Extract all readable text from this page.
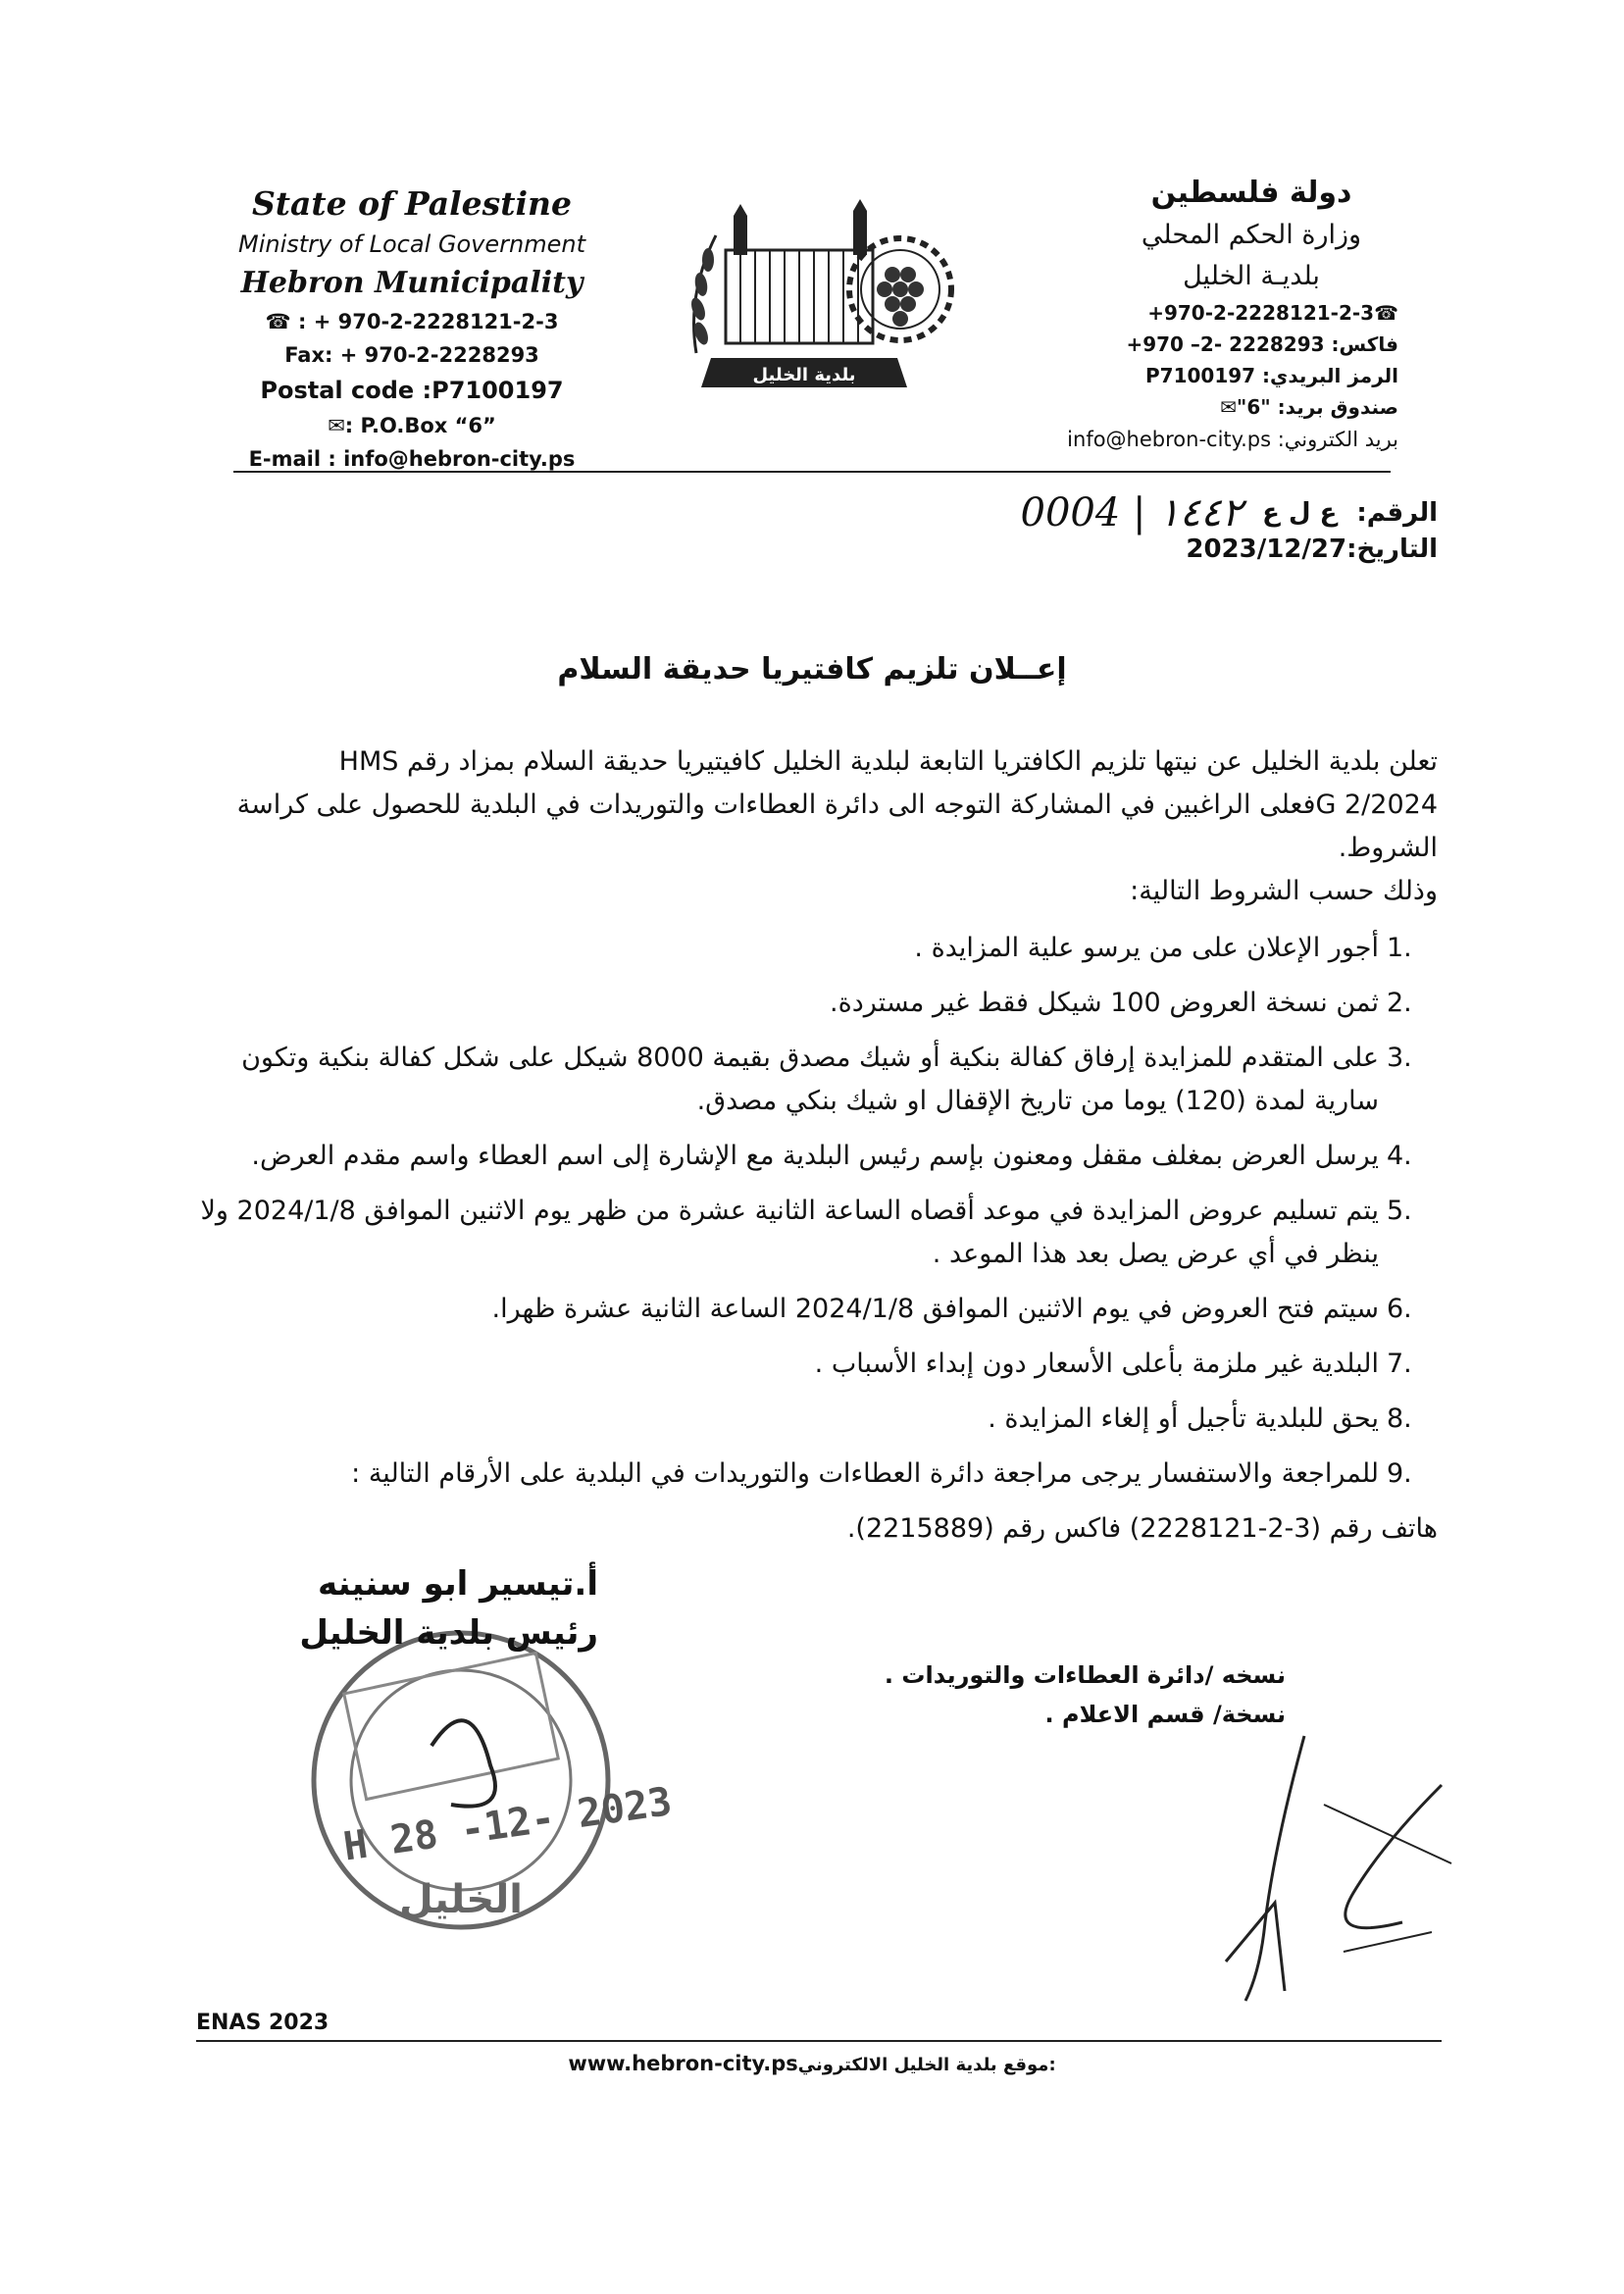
State of Palestine
Ministry of Local Government
Hebron Municipality
☎ : + 970-2-2228121-2-3
Fax: + 970-2-2228293
Postal code :P7100197
✉: P.O.Box “6”
E-mail : info@hebron-city.ps
بلدية الخليل
دولة فلسطين
وزارة الحكم المحلي
بلديـة الخليل
+970-2-2228121-2-3☎
فاكس: 2228293 -2– 970+
الرمز البريدي: P7100197
صندوق بريد: "6"✉
بريد الكتروني: info@hebron-city.ps
الرقم:
ع ل ع
0004 | ١٤٤٢
التاريخ:2023/12/27
إعــلان تلزيم كافتيريا حديقة السلام

تعلن بلدية الخليل عن نيتها تلزيم الكافتريا التابعة لبلدية الخليل كافيتيريا حديقة السلام بمزاد رقم HMS

G 2/2024فعلى الراغبين في المشاركة التوجه الى دائرة العطاءات والتوريدات في البلدية للحصول على كراسة

الشروط.

وذلك حسب الشروط التالية:

1.
أجور الإعلان على من يرسو علية المزايدة .
2.
ثمن نسخة العروض 100 شيكل فقط غير مستردة.
3.
على المتقدم للمزايدة إرفاق كفالة بنكية أو شيك مصدق بقيمة 8000 شيكل على شكل كفالة بنكية وتكون سارية لمدة (120) يوما من تاريخ الإقفال او شيك بنكي مصدق.
4.
يرسل العرض بمغلف مقفل ومعنون بإسم رئيس البلدية مع الإشارة إلى اسم العطاء واسم مقدم العرض.
5.
يتم تسليم عروض المزايدة في موعد أقصاه الساعة الثانية عشرة من ظهر يوم الاثنين الموافق 2024/1/8 ولا ينظر في أي عرض يصل بعد هذا الموعد .
6.
سيتم فتح العروض في يوم الاثنين الموافق 2024/1/8 الساعة الثانية عشرة ظهرا.
7.
البلدية غير ملزمة بأعلى الأسعار دون إبداء الأسباب .
8.
يحق للبلدية تأجيل أو إلغاء المزايدة .
9.
للمراجعة والاستفسار يرجى مراجعة دائرة العطاءات والتوريدات في البلدية على الأرقام التالية :

هاتف رقم (3-2-2228121) فاكس رقم (2215889).

H 28 -12- 2023
الخليل
أ.تيسير ابو سنينه
رئيس بلدية الخليل
نسخه /دائرة العطاءات والتوريدات .
نسخة/ قسم الاعلام .
ENAS 2023
www.hebron-city.ps:موقع بلدية الخليل الالكتروني
